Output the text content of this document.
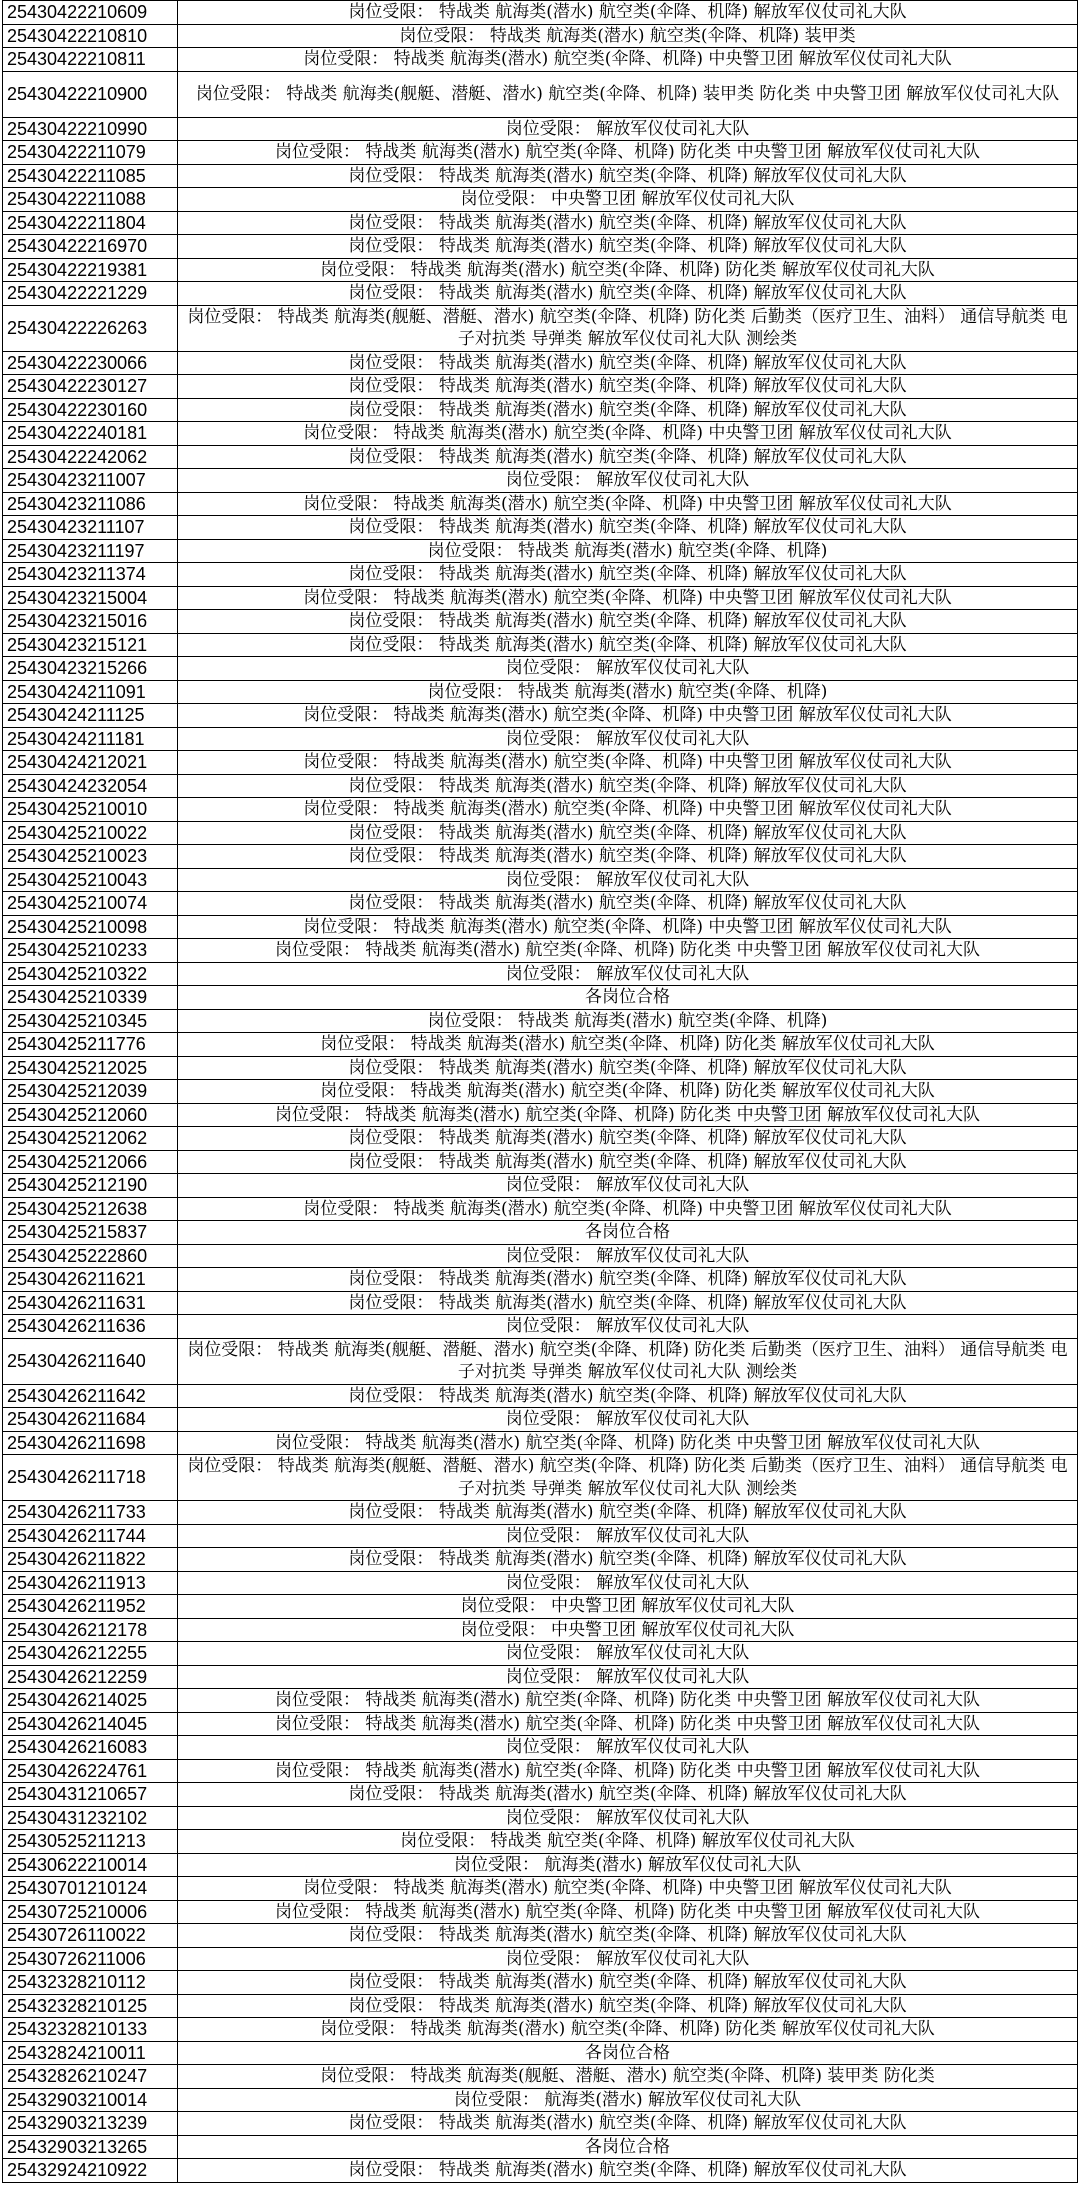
25430422210609	岗位受限： 特战类 航海类(潜水) 航空类(伞降、机降) 解放军仪仗司礼大队
25430422210810	岗位受限： 特战类 航海类(潜水) 航空类(伞降、机降) 装甲类
25430422210811	岗位受限： 特战类 航海类(潜水) 航空类(伞降、机降) 中央警卫团 解放军仪仗司礼大队
25430422210900	岗位受限： 特战类 航海类(舰艇、潜艇、潜水) 航空类(伞降、机降) 装甲类 防化类 中央警卫团 解放军仪仗司礼大队
25430422210990	岗位受限： 解放军仪仗司礼大队
25430422211079	岗位受限： 特战类 航海类(潜水) 航空类(伞降、机降) 防化类 中央警卫团 解放军仪仗司礼大队
25430422211085	岗位受限： 特战类 航海类(潜水) 航空类(伞降、机降) 解放军仪仗司礼大队
25430422211088	岗位受限： 中央警卫团 解放军仪仗司礼大队
25430422211804	岗位受限： 特战类 航海类(潜水) 航空类(伞降、机降) 解放军仪仗司礼大队
25430422216970	岗位受限： 特战类 航海类(潜水) 航空类(伞降、机降) 解放军仪仗司礼大队
25430422219381	岗位受限： 特战类 航海类(潜水) 航空类(伞降、机降) 防化类 解放军仪仗司礼大队
25430422221229	岗位受限： 特战类 航海类(潜水) 航空类(伞降、机降) 解放军仪仗司礼大队
25430422226263	岗位受限： 特战类 航海类(舰艇、潜艇、潜水) 航空类(伞降、机降) 防化类 后勤类（医疗卫生、油料） 通信导航类 电子对抗类 导弹类 解放军仪仗司礼大队 测绘类
25430422230066	岗位受限： 特战类 航海类(潜水) 航空类(伞降、机降) 解放军仪仗司礼大队
25430422230127	岗位受限： 特战类 航海类(潜水) 航空类(伞降、机降) 解放军仪仗司礼大队
25430422230160	岗位受限： 特战类 航海类(潜水) 航空类(伞降、机降) 解放军仪仗司礼大队
25430422240181	岗位受限： 特战类 航海类(潜水) 航空类(伞降、机降) 中央警卫团 解放军仪仗司礼大队
25430422242062	岗位受限： 特战类 航海类(潜水) 航空类(伞降、机降) 解放军仪仗司礼大队
25430423211007	岗位受限： 解放军仪仗司礼大队
25430423211086	岗位受限： 特战类 航海类(潜水) 航空类(伞降、机降) 中央警卫团 解放军仪仗司礼大队
25430423211107	岗位受限： 特战类 航海类(潜水) 航空类(伞降、机降) 解放军仪仗司礼大队
25430423211197	岗位受限： 特战类 航海类(潜水) 航空类(伞降、机降)
25430423211374	岗位受限： 特战类 航海类(潜水) 航空类(伞降、机降) 解放军仪仗司礼大队
25430423215004	岗位受限： 特战类 航海类(潜水) 航空类(伞降、机降) 中央警卫团 解放军仪仗司礼大队
25430423215016	岗位受限： 特战类 航海类(潜水) 航空类(伞降、机降) 解放军仪仗司礼大队
25430423215121	岗位受限： 特战类 航海类(潜水) 航空类(伞降、机降) 解放军仪仗司礼大队
25430423215266	岗位受限： 解放军仪仗司礼大队
25430424211091	岗位受限： 特战类 航海类(潜水) 航空类(伞降、机降)
25430424211125	岗位受限： 特战类 航海类(潜水) 航空类(伞降、机降) 中央警卫团 解放军仪仗司礼大队
25430424211181	岗位受限： 解放军仪仗司礼大队
25430424212021	岗位受限： 特战类 航海类(潜水) 航空类(伞降、机降) 中央警卫团 解放军仪仗司礼大队
25430424232054	岗位受限： 特战类 航海类(潜水) 航空类(伞降、机降) 解放军仪仗司礼大队
25430425210010	岗位受限： 特战类 航海类(潜水) 航空类(伞降、机降) 中央警卫团 解放军仪仗司礼大队
25430425210022	岗位受限： 特战类 航海类(潜水) 航空类(伞降、机降) 解放军仪仗司礼大队
25430425210023	岗位受限： 特战类 航海类(潜水) 航空类(伞降、机降) 解放军仪仗司礼大队
25430425210043	岗位受限： 解放军仪仗司礼大队
25430425210074	岗位受限： 特战类 航海类(潜水) 航空类(伞降、机降) 解放军仪仗司礼大队
25430425210098	岗位受限： 特战类 航海类(潜水) 航空类(伞降、机降) 中央警卫团 解放军仪仗司礼大队
25430425210233	岗位受限： 特战类 航海类(潜水) 航空类(伞降、机降) 防化类 中央警卫团 解放军仪仗司礼大队
25430425210322	岗位受限： 解放军仪仗司礼大队
25430425210339	各岗位合格
25430425210345	岗位受限： 特战类 航海类(潜水) 航空类(伞降、机降)
25430425211776	岗位受限： 特战类 航海类(潜水) 航空类(伞降、机降) 防化类 解放军仪仗司礼大队
25430425212025	岗位受限： 特战类 航海类(潜水) 航空类(伞降、机降) 解放军仪仗司礼大队
25430425212039	岗位受限： 特战类 航海类(潜水) 航空类(伞降、机降) 防化类 解放军仪仗司礼大队
25430425212060	岗位受限： 特战类 航海类(潜水) 航空类(伞降、机降) 防化类 中央警卫团 解放军仪仗司礼大队
25430425212062	岗位受限： 特战类 航海类(潜水) 航空类(伞降、机降) 解放军仪仗司礼大队
25430425212066	岗位受限： 特战类 航海类(潜水) 航空类(伞降、机降) 解放军仪仗司礼大队
25430425212190	岗位受限： 解放军仪仗司礼大队
25430425212638	岗位受限： 特战类 航海类(潜水) 航空类(伞降、机降) 中央警卫团 解放军仪仗司礼大队
25430425215837	各岗位合格
25430425222860	岗位受限： 解放军仪仗司礼大队
25430426211621	岗位受限： 特战类 航海类(潜水) 航空类(伞降、机降) 解放军仪仗司礼大队
25430426211631	岗位受限： 特战类 航海类(潜水) 航空类(伞降、机降) 解放军仪仗司礼大队
25430426211636	岗位受限： 解放军仪仗司礼大队
25430426211640	岗位受限： 特战类 航海类(舰艇、潜艇、潜水) 航空类(伞降、机降) 防化类 后勤类（医疗卫生、油料） 通信导航类 电子对抗类 导弹类 解放军仪仗司礼大队 测绘类
25430426211642	岗位受限： 特战类 航海类(潜水) 航空类(伞降、机降) 解放军仪仗司礼大队
25430426211684	岗位受限： 解放军仪仗司礼大队
25430426211698	岗位受限： 特战类 航海类(潜水) 航空类(伞降、机降) 防化类 中央警卫团 解放军仪仗司礼大队
25430426211718	岗位受限： 特战类 航海类(舰艇、潜艇、潜水) 航空类(伞降、机降) 防化类 后勤类（医疗卫生、油料） 通信导航类 电子对抗类 导弹类 解放军仪仗司礼大队 测绘类
25430426211733	岗位受限： 特战类 航海类(潜水) 航空类(伞降、机降) 解放军仪仗司礼大队
25430426211744	岗位受限： 解放军仪仗司礼大队
25430426211822	岗位受限： 特战类 航海类(潜水) 航空类(伞降、机降) 解放军仪仗司礼大队
25430426211913	岗位受限： 解放军仪仗司礼大队
25430426211952	岗位受限： 中央警卫团 解放军仪仗司礼大队
25430426212178	岗位受限： 中央警卫团 解放军仪仗司礼大队
25430426212255	岗位受限： 解放军仪仗司礼大队
25430426212259	岗位受限： 解放军仪仗司礼大队
25430426214025	岗位受限： 特战类 航海类(潜水) 航空类(伞降、机降) 防化类 中央警卫团 解放军仪仗司礼大队
25430426214045	岗位受限： 特战类 航海类(潜水) 航空类(伞降、机降) 防化类 中央警卫团 解放军仪仗司礼大队
25430426216083	岗位受限： 解放军仪仗司礼大队
25430426224761	岗位受限： 特战类 航海类(潜水) 航空类(伞降、机降) 防化类 中央警卫团 解放军仪仗司礼大队
25430431210657	岗位受限： 特战类 航海类(潜水) 航空类(伞降、机降) 解放军仪仗司礼大队
25430431232102	岗位受限： 解放军仪仗司礼大队
25430525211213	岗位受限： 特战类 航空类(伞降、机降) 解放军仪仗司礼大队
25430622210014	岗位受限： 航海类(潜水) 解放军仪仗司礼大队
25430701210124	岗位受限： 特战类 航海类(潜水) 航空类(伞降、机降) 中央警卫团 解放军仪仗司礼大队
25430725210006	岗位受限： 特战类 航海类(潜水) 航空类(伞降、机降) 防化类 中央警卫团 解放军仪仗司礼大队
25430726110022	岗位受限： 特战类 航海类(潜水) 航空类(伞降、机降) 解放军仪仗司礼大队
25430726211006	岗位受限： 解放军仪仗司礼大队
25432328210112	岗位受限： 特战类 航海类(潜水) 航空类(伞降、机降) 解放军仪仗司礼大队
25432328210125	岗位受限： 特战类 航海类(潜水) 航空类(伞降、机降) 解放军仪仗司礼大队
25432328210133	岗位受限： 特战类 航海类(潜水) 航空类(伞降、机降) 防化类 解放军仪仗司礼大队
25432824210011	各岗位合格
25432826210247	岗位受限： 特战类 航海类(舰艇、潜艇、潜水) 航空类(伞降、机降) 装甲类 防化类
25432903210014	岗位受限： 航海类(潜水) 解放军仪仗司礼大队
25432903213239	岗位受限： 特战类 航海类(潜水) 航空类(伞降、机降) 解放军仪仗司礼大队
25432903213265	各岗位合格
25432924210922	岗位受限： 特战类 航海类(潜水) 航空类(伞降、机降) 解放军仪仗司礼大队
